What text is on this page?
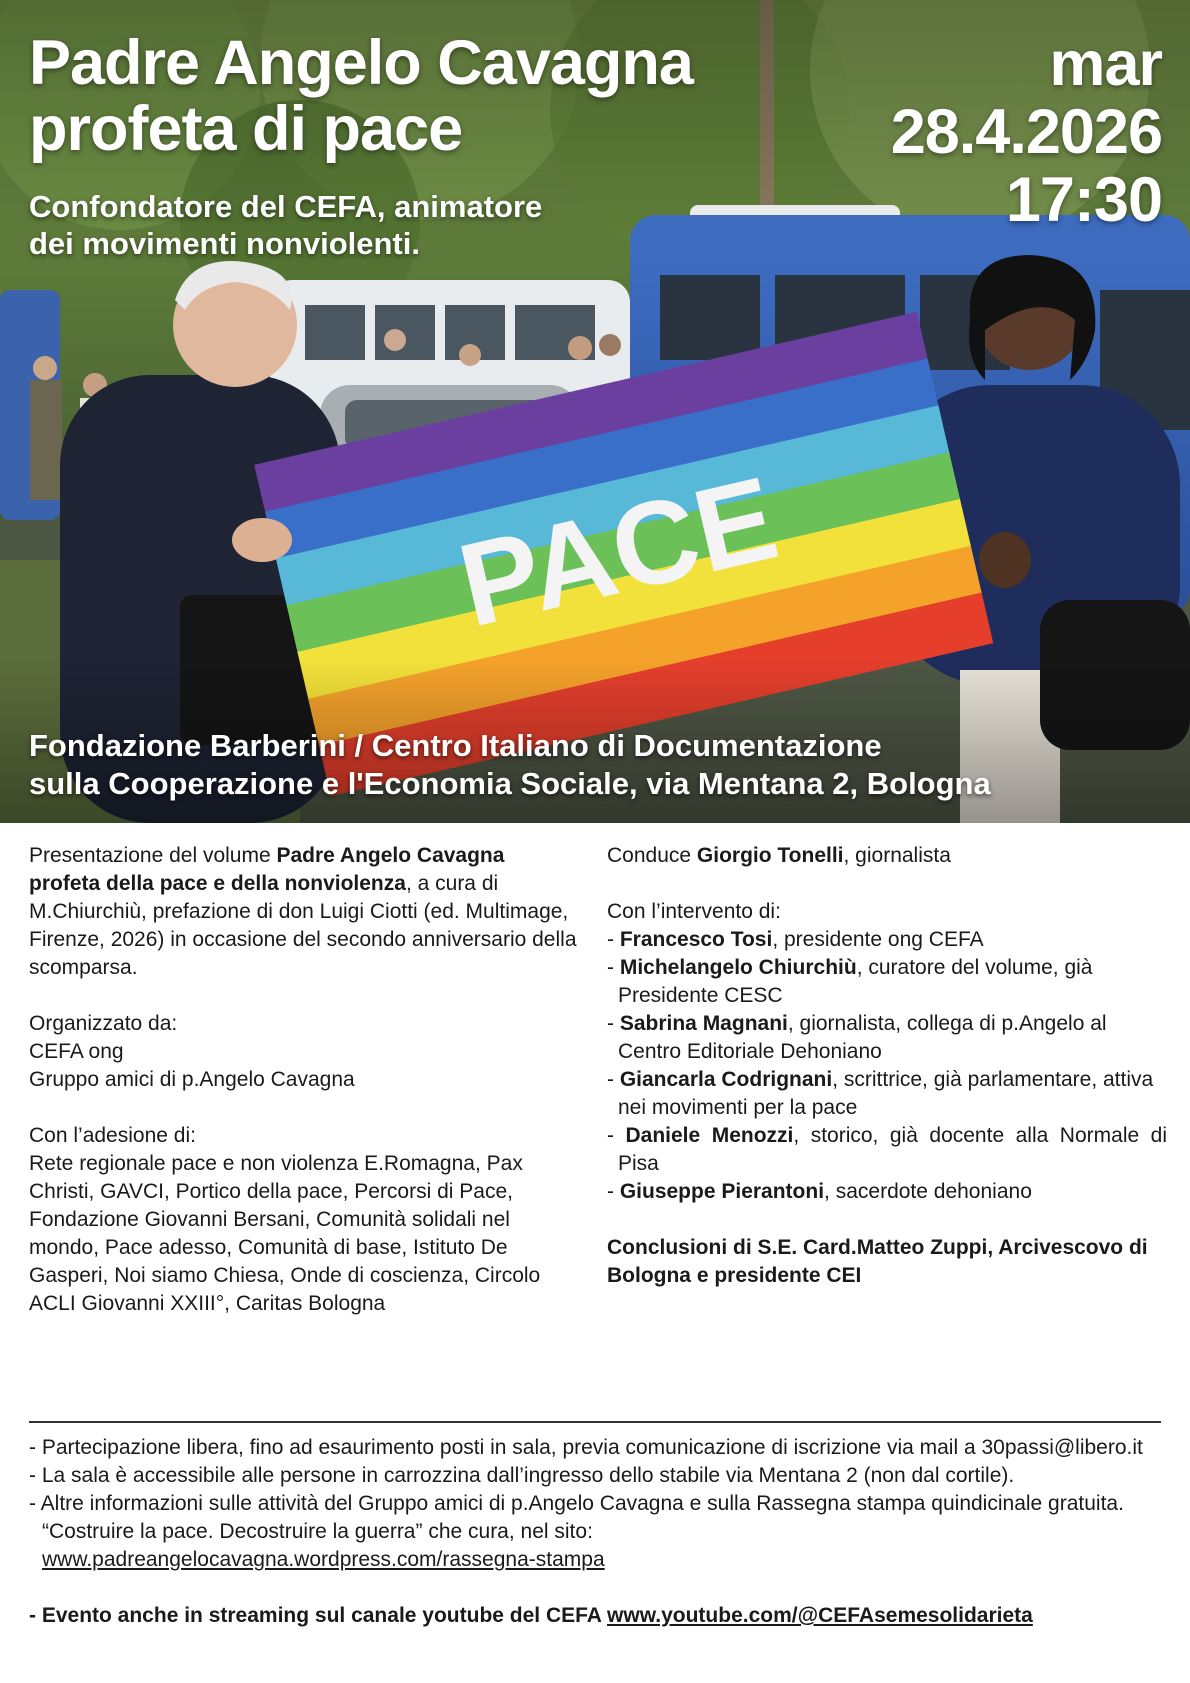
Padre Angelo Cavagna
profeta di pace
mar
28.4.2026
17:30
Confondatore del CEFA, animatore
dei movimenti nonviolenti.
Fondazione Barberini / Centro Italiano di Documentazione
sulla Cooperazione e l'Economia Sociale, via Mentana 2, Bologna

Presentazione del volume Padre Angelo Cavagna profeta della pace e della nonviolenza, a cura di M.Chiurchiù, prefazione di don Luigi Ciotti (ed. Multimage, Firenze, 2026) in occasione del secondo anniversario della scomparsa.

Organizzato da:

CEFA ong

Gruppo amici di p.Angelo Cavagna

Con l’adesione di:

Rete regionale pace e non violenza E.Romagna, Pax Christi, GAVCI, Portico della pace, Percorsi di Pace, Fondazione Giovanni Bersani, Comunità solidali nel mondo, Pace adesso, Comunità di base, Istituto De Gasperi, Noi siamo Chiesa, Onde di coscienza, Circolo ACLI Giovanni XXIII°, Caritas Bologna

Conduce Giorgio Tonelli, giornalista

Con l’intervento di:

- Francesco Tosi, presidente ong CEFA

- Michelangelo Chiurchiù, curatore del volume, già Presidente CESC

- Sabrina Magnani, giornalista, collega di p.Angelo al Centro Editoriale Dehoniano

- Giancarla Codrignani, scrittrice, già parlamentare, attiva nei movimenti per la pace

- Daniele Menozzi, storico, già docente alla Normale di Pisa

- Giuseppe Pierantoni, sacerdote dehoniano

Conclusioni di S.E. Card.Matteo Zuppi, Arcivescovo di Bologna e presidente CEI

- Partecipazione libera, fino ad esaurimento posti in sala, previa comunicazione di iscrizione via mail a 30passi@libero.it

- La sala è accessibile alle persone in carrozzina dall’ingresso dello stabile via Mentana 2 (non dal cortile).

- Altre informazioni sulle attività del Gruppo amici di p.Angelo Cavagna e sulla Rassegna stampa quindicinale gratuita. “Costruire la pace. Decostruire la guerra” che cura, nel sito:
www.padreangelocavagna.wordpress.com/rassegna-stampa

- Evento anche in streaming sul canale youtube del CEFA www.youtube.com/@CEFAsemesolidarieta
